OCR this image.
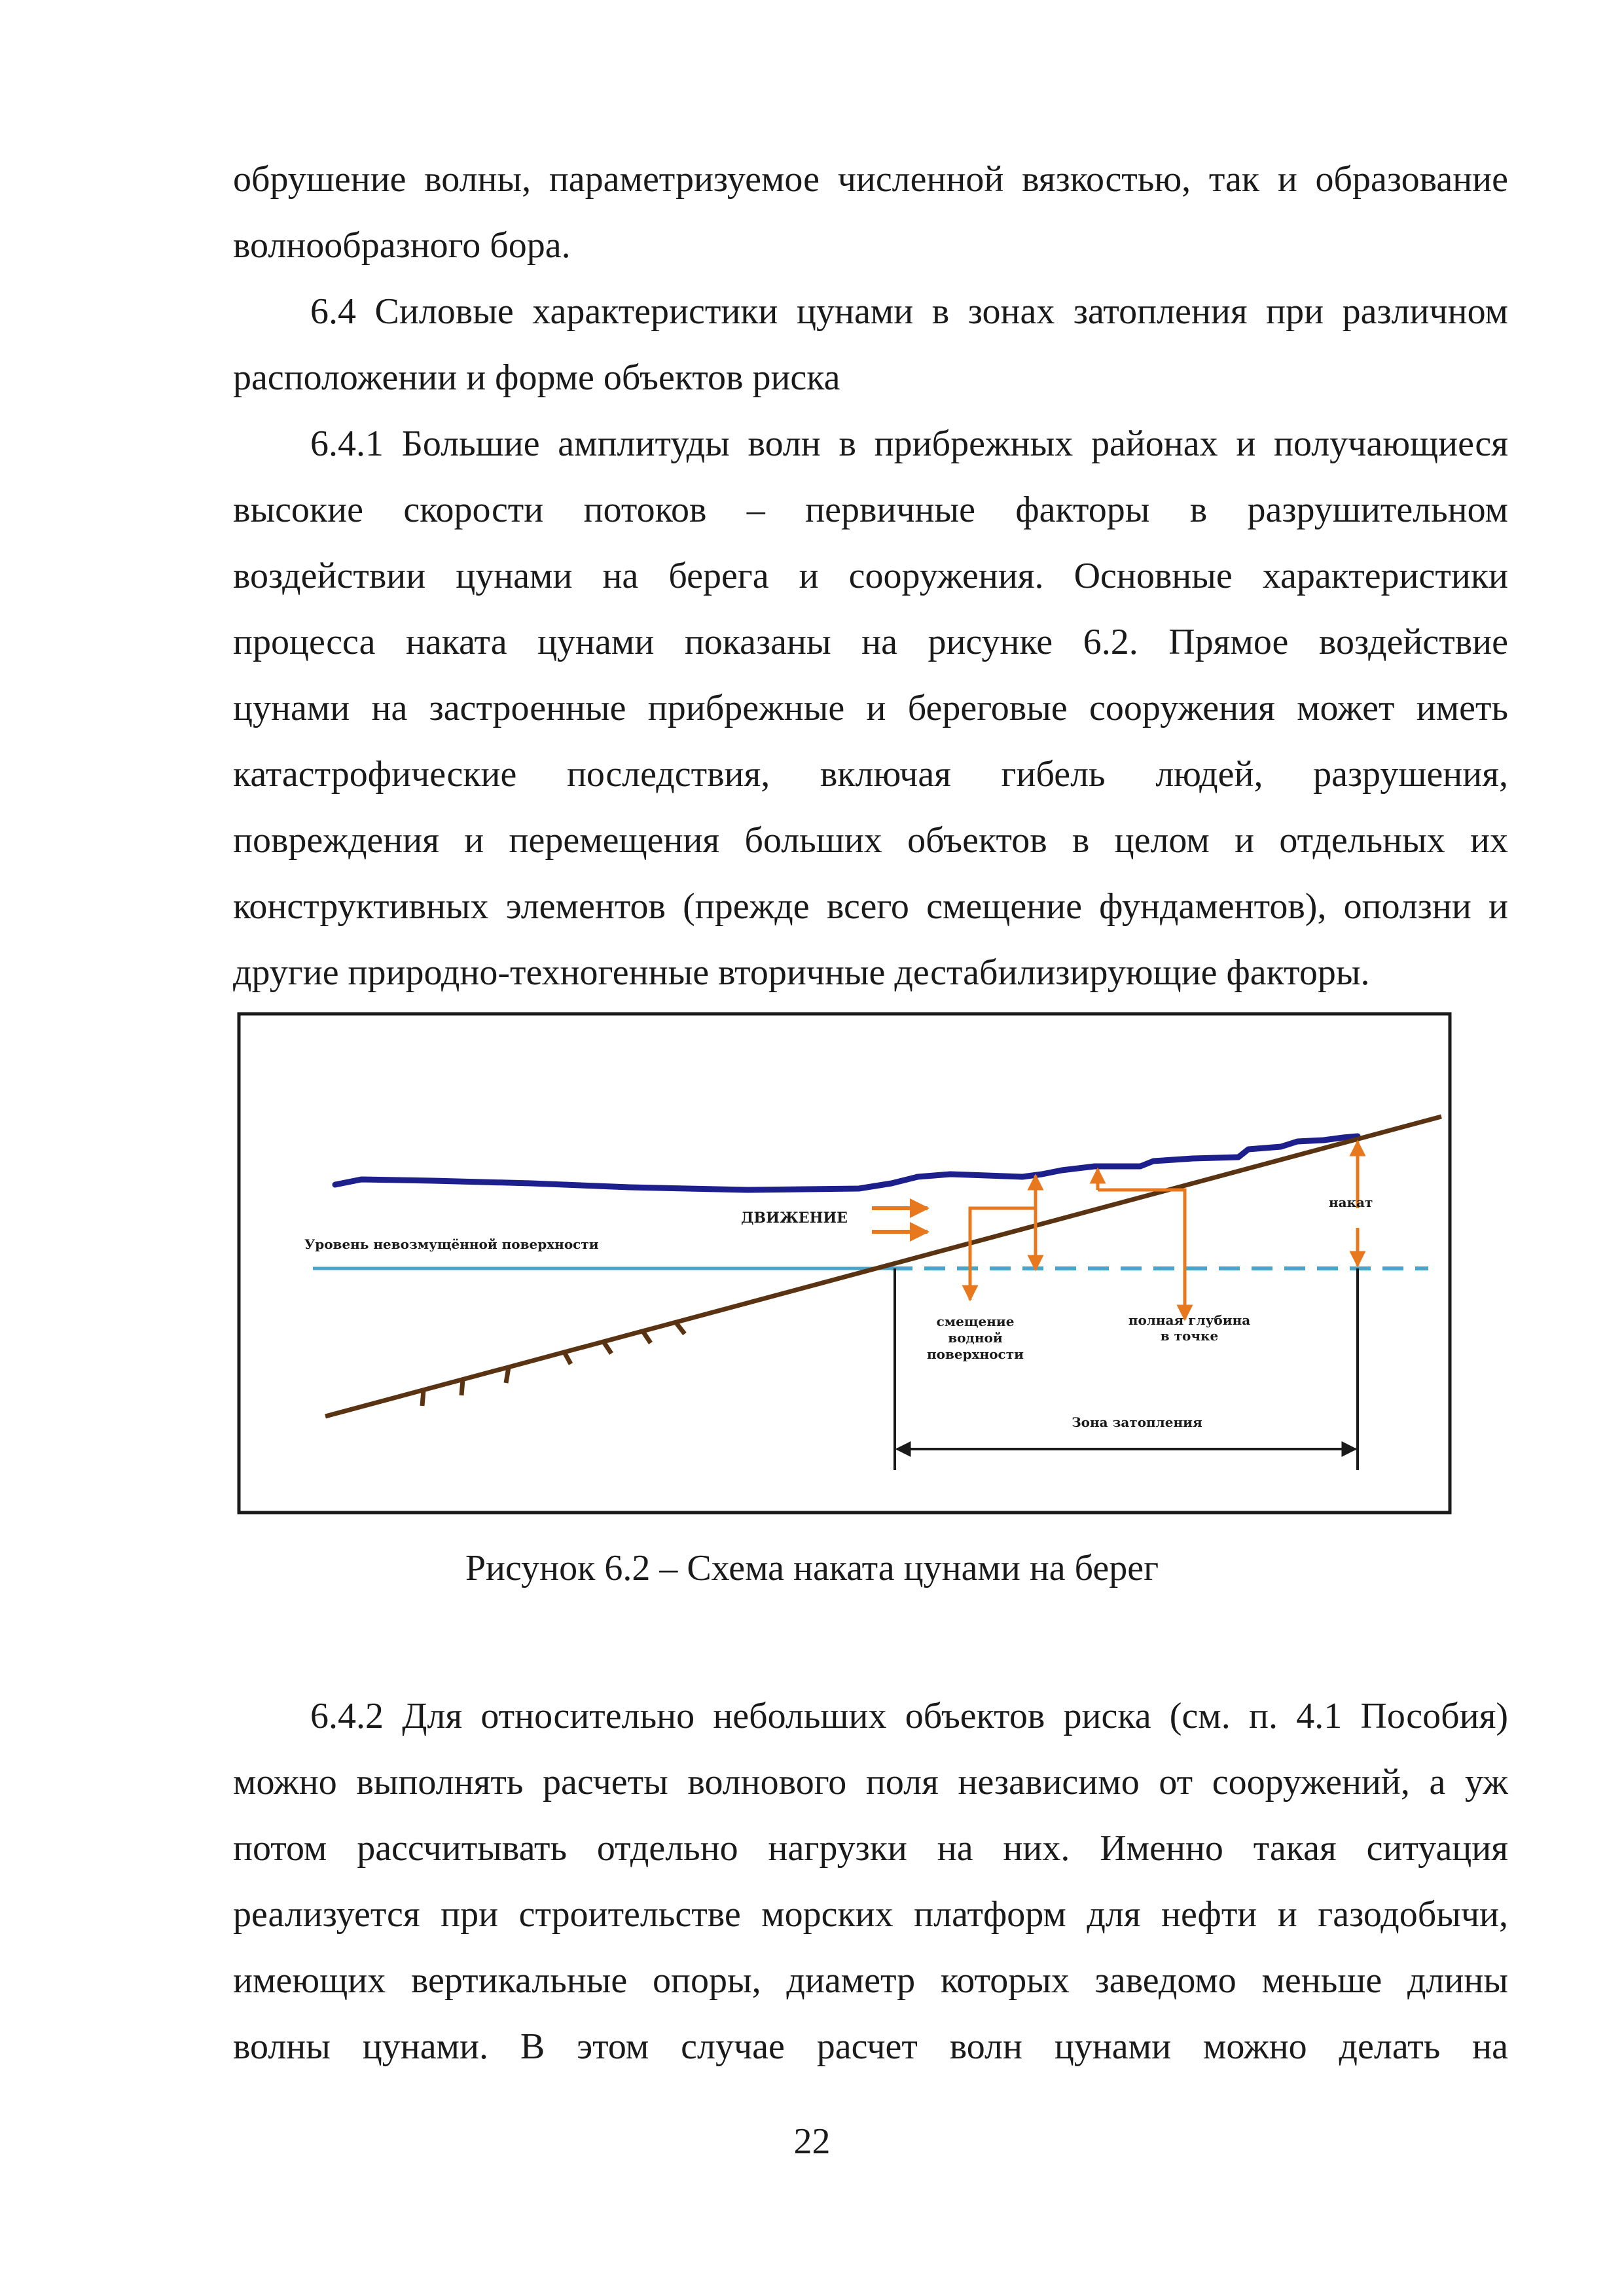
обрушение волны, параметризуемое численной вязкостью, так и образование
волнообразного бора.
6.4 Силовые характеристики цунами в зонах затопления при различном
расположении и форме объектов риска
6.4.1 Большие амплитуды волн в прибрежных районах и получающиеся
высокие скорости потоков – первичные факторы в разрушительном
воздействии цунами на берега и сооружения. Основные характеристики
процесса наката цунами показаны на рисунке 6.2. Прямое воздействие
цунами на застроенные прибрежные и береговые сооружения может иметь
катастрофические последствия, включая гибель людей, разрушения,
повреждения и перемещения больших объектов в целом и отдельных их
конструктивных элементов (прежде всего смещение фундаментов), оползни и
другие природно-техногенные вторичные дестабилизирующие факторы.
ДВИЖЕНИЕ
Уровень невозмущённой поверхности
накат
смещение
водной
поверхности
полная глубина
в точке
Зона затопления
Рисунок 6.2 – Схема наката цунами на берег
6.4.2 Для относительно небольших объектов риска (см. п. 4.1 Пособия)
можно выполнять расчеты волнового поля независимо от сооружений, а уж
потом рассчитывать отдельно нагрузки на них. Именно такая ситуация
реализуется при строительстве морских платформ для нефти и газодобычи,
имеющих вертикальные опоры, диаметр которых заведомо меньше длины
волны цунами. В этом случае расчет волн цунами можно делать на
22
